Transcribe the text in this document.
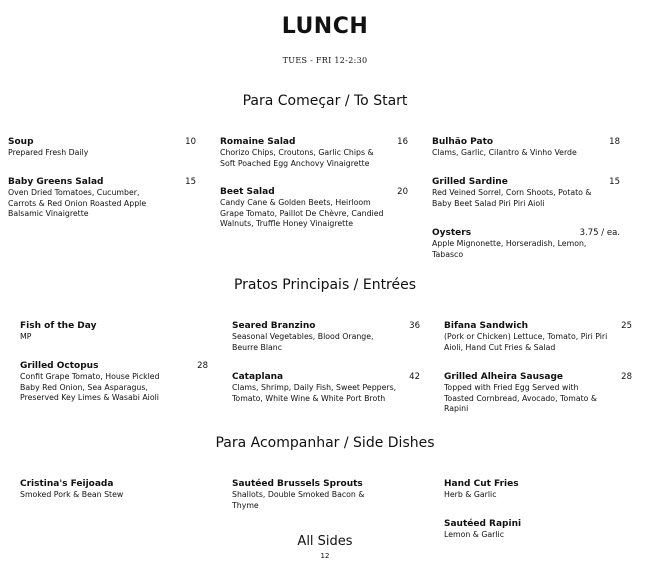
LUNCH
TUES - FRI 12-2:30
Para Começar / To Start
Soup	10
Prepared Fresh Daily
Baby Greens Salad	15
Oven Dried Tomatoes, Cucumber, Carrots & Red Onion Roasted Apple Balsamic Vinaigrette
Romaine Salad	16
Chorizo Chips, Croutons, Garlic Chips & Soft Poached Egg Anchovy Vinaigrette
Beet Salad	20
Candy Cane & Golden Beets, Heirloom Grape Tomato, Paillot De Chèvre, Candied Walnuts, Truffle Honey Vinaigrette
Bulhão Pato	18
Clams, Garlic, Cilantro & Vinho Verde
Grilled Sardine	15
Red Veined Sorrel, Corn Shoots, Potato & Baby Beet Salad Piri Piri Aioli
Oysters	3.75 / ea.
Apple Mignonette, Horseradish, Lemon, Tabasco
Pratos Principais / Entrées
Fish of the Day
MP
Grilled Octopus	28
Confit Grape Tomato, House Pickled Baby Red Onion, Sea Asparagus, Preserved Key Limes & Wasabi Aioli
Seared Branzino	36
Seasonal Vegetables, Blood Orange, Beurre Blanc
Cataplana	42
Clams, Shrimp, Daily Fish, Sweet Peppers, Tomato, White Wine & White Port Broth
Bifana Sandwich	25
(Pork or Chicken) Lettuce, Tomato, Piri Piri Aioli, Hand Cut Fries & Salad
Grilled Alheira Sausage	28
Topped with Fried Egg Served with Toasted Cornbread, Avocado, Tomato & Rapini
Para Acompanhar / Side Dishes
Cristina's Feijoada
Smoked Pork & Bean Stew
Sautéed Brussels Sprouts
Shallots, Double Smoked Bacon & Thyme
Hand Cut Fries
Herb & Garlic
Sautéed Rapini
Lemon & Garlic
All Sides
12
